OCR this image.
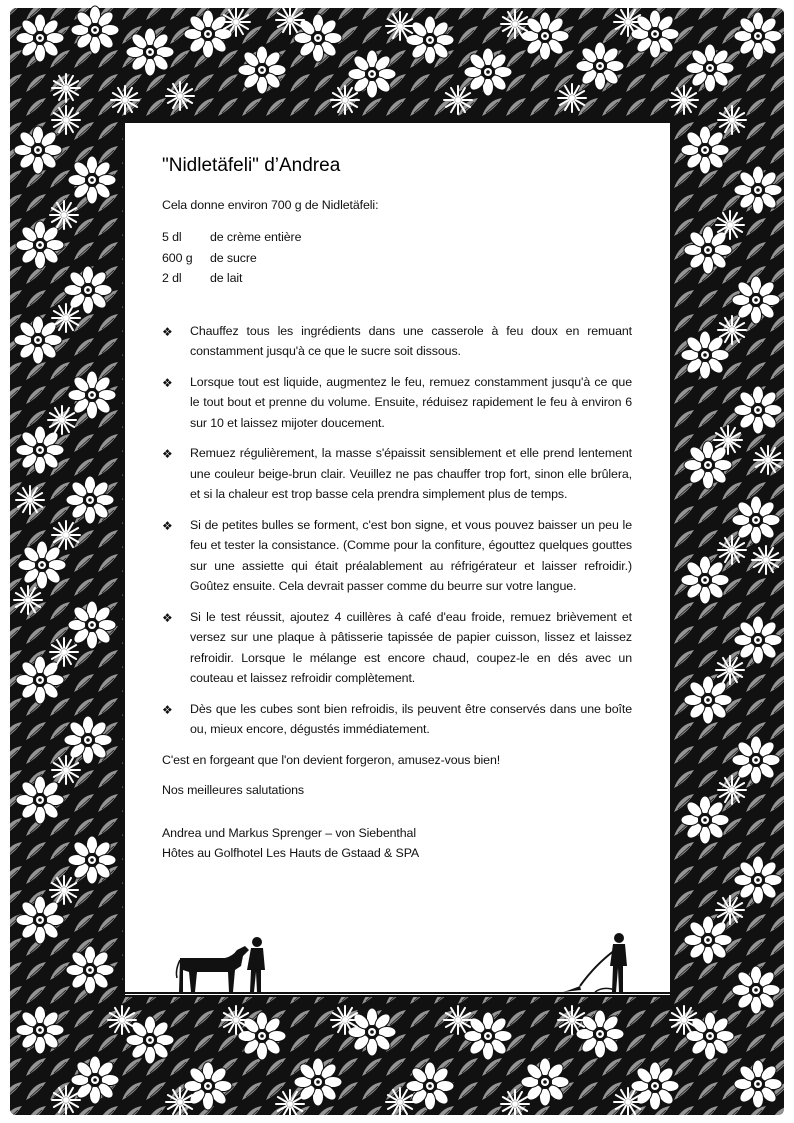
"Nidletäfeli" d’Andrea

Cela donne environ 700 g de Nidletäfeli:

5 dl	de crème entière
600 g	de sucre
2 dl	de lait
❖	Chauffez tous les ingrédients dans une casserole à feu doux en remuant constamment jusqu'à ce que le sucre soit dissous.
❖	Lorsque tout est liquide, augmentez le feu, remuez constamment jusqu'à ce que le tout bout et prenne du volume. Ensuite, réduisez rapidement le feu à environ 6 sur 10 et laissez mijoter doucement.
❖	Remuez régulièrement, la masse s'épaissit sensiblement et elle prend lentement une couleur beige-brun clair. Veuillez ne pas chauffer trop fort, sinon elle brûlera, et si la chaleur est trop basse cela prendra simplement plus de temps.
❖	Si de petites bulles se forment, c'est bon signe, et vous pouvez baisser un peu le feu et tester la consistance. (Comme pour la confiture, égouttez quelques gouttes sur une assiette qui était préalablement au réfrigérateur et laisser refroidir.) Goûtez ensuite. Cela devrait passer comme du beurre sur votre langue.
❖	Si le test réussit, ajoutez 4 cuillères à café d'eau froide, remuez brièvement et versez sur une plaque à pâtisserie tapissée de papier cuisson, lissez et laissez refroidir. Lorsque le mélange est encore chaud, coupez-le en dés avec un couteau et laissez refroidir complètement.
❖	Dès que les cubes sont bien refroidis, ils peuvent être conservés dans une boîte ou, mieux encore, dégustés immédiatement.

C'est en forgeant que l'on devient forgeron, amusez-vous bien!

Nos meilleures salutations

Andrea und Markus Sprenger – von Siebenthal

Hôtes au Golfhotel Les Hauts de Gstaad & SPA
